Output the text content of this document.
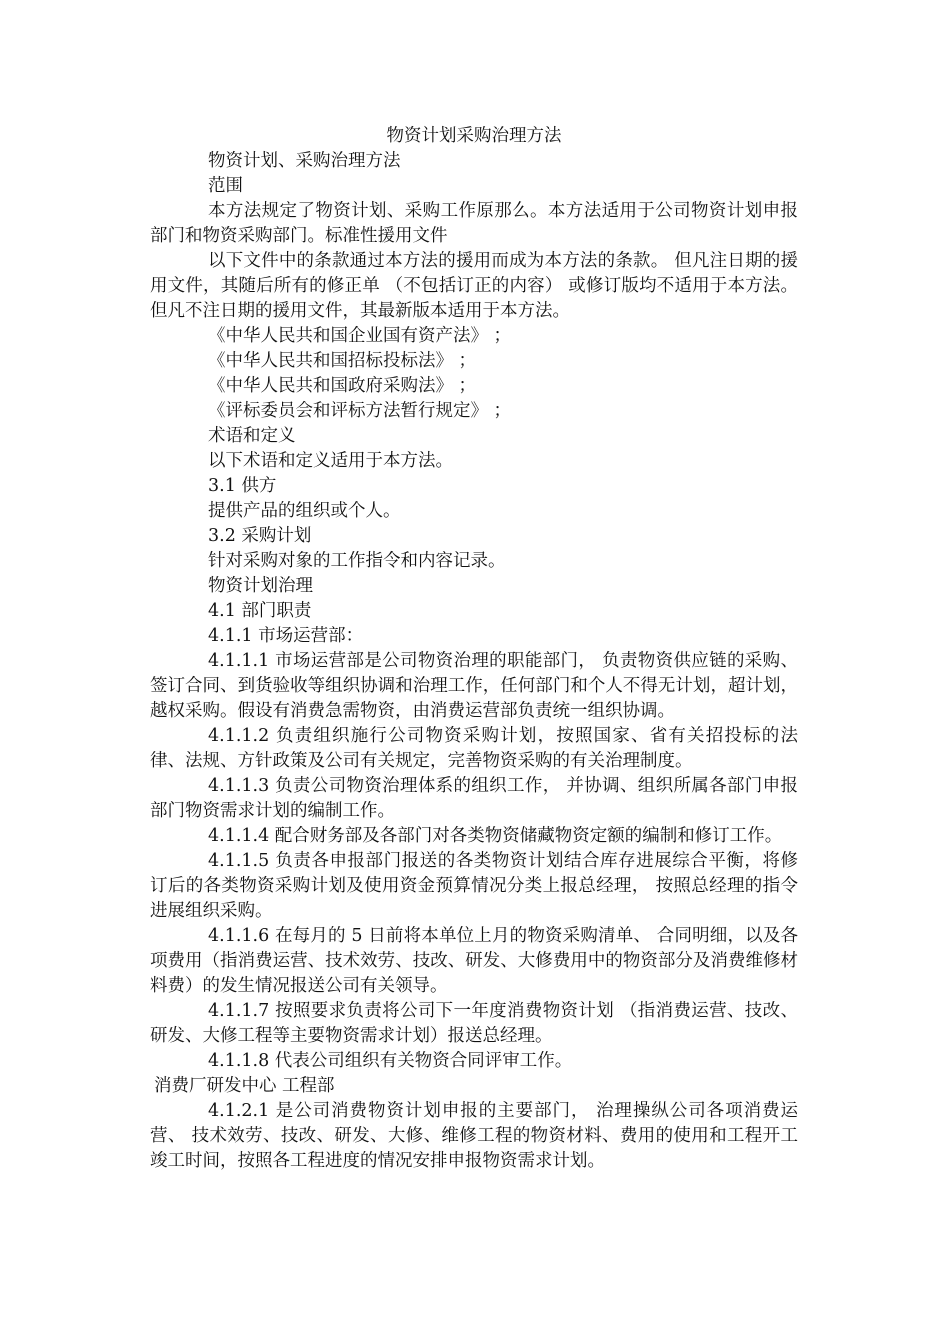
物资计划采购治理方法

物资计划、采购治理方法

范围

本方法规定了物资计划、采购工作原那么。本方法适用于公司物资计划申报部门和物资采购部门。标准性援用文件

以下文件中的条款通过本方法的援用而成为本方法的条款。 但凡注日期的援用文件，其随后所有的修正单 （不包括订正的内容） 或修订版均不适用于本方法。但凡不注日期的援用文件，其最新版本适用于本方法。

《中华人民共和国企业国有资产法》 ；

《中华人民共和国招标投标法》 ；

《中华人民共和国政府采购法》 ；

《评标委员会和评标方法暂行规定》 ；

术语和定义

以下术语和定义适用于本方法。

3.1 供方

提供产品的组织或个人。

3.2 采购计划

针对采购对象的工作指令和内容记录。

物资计划治理

4.1 部门职责

4.1.1 市场运营部：

4.1.1.1 市场运营部是公司物资治理的职能部门， 负责物资供应链的采购、 签订合同、到货验收等组织协调和治理工作，任何部门和个人不得无计划，超计划，越权采购。假设有消费急需物资，由消费运营部负责统一组织协调。

4.1.1.2 负责组织施行公司物资采购计划，按照国家、省有关招投标的法律、法规、方针政策及公司有关规定，完善物资采购的有关治理制度。

4.1.1.3 负责公司物资治理体系的组织工作， 并协调、组织所属各部门申报部门物资需求计划的编制工作。

4.1.1.4 配合财务部及各部门对各类物资储藏物资定额的编制和修订工作。

4.1.1.5 负责各申报部门报送的各类物资计划结合库存进展综合平衡，将修订后的各类物资采购计划及使用资金预算情况分类上报总经理， 按照总经理的指令进展组织采购。

4.1.1.6 在每月的 5 日前将本单位上月的物资采购清单、 合同明细，以及各项费用（指消费运营、技术效劳、技改、研发、大修费用中的物资部分及消费维修材料费）的发生情况报送公司有关领导。

4.1.1.7 按照要求负责将公司下一年度消费物资计划 （指消费运营、技改、研发、大修工程等主要物资需求计划）报送总经理。

4.1.1.8 代表公司组织有关物资合同评审工作。

消费厂研发中心 工程部

4.1.2.1 是公司消费物资计划申报的主要部门， 治理操纵公司各项消费运营、 技术效劳、技改、研发、大修、维修工程的物资材料、费用的使用和工程开工竣工时间，按照各工程进度的情况安排申报物资需求计划。
